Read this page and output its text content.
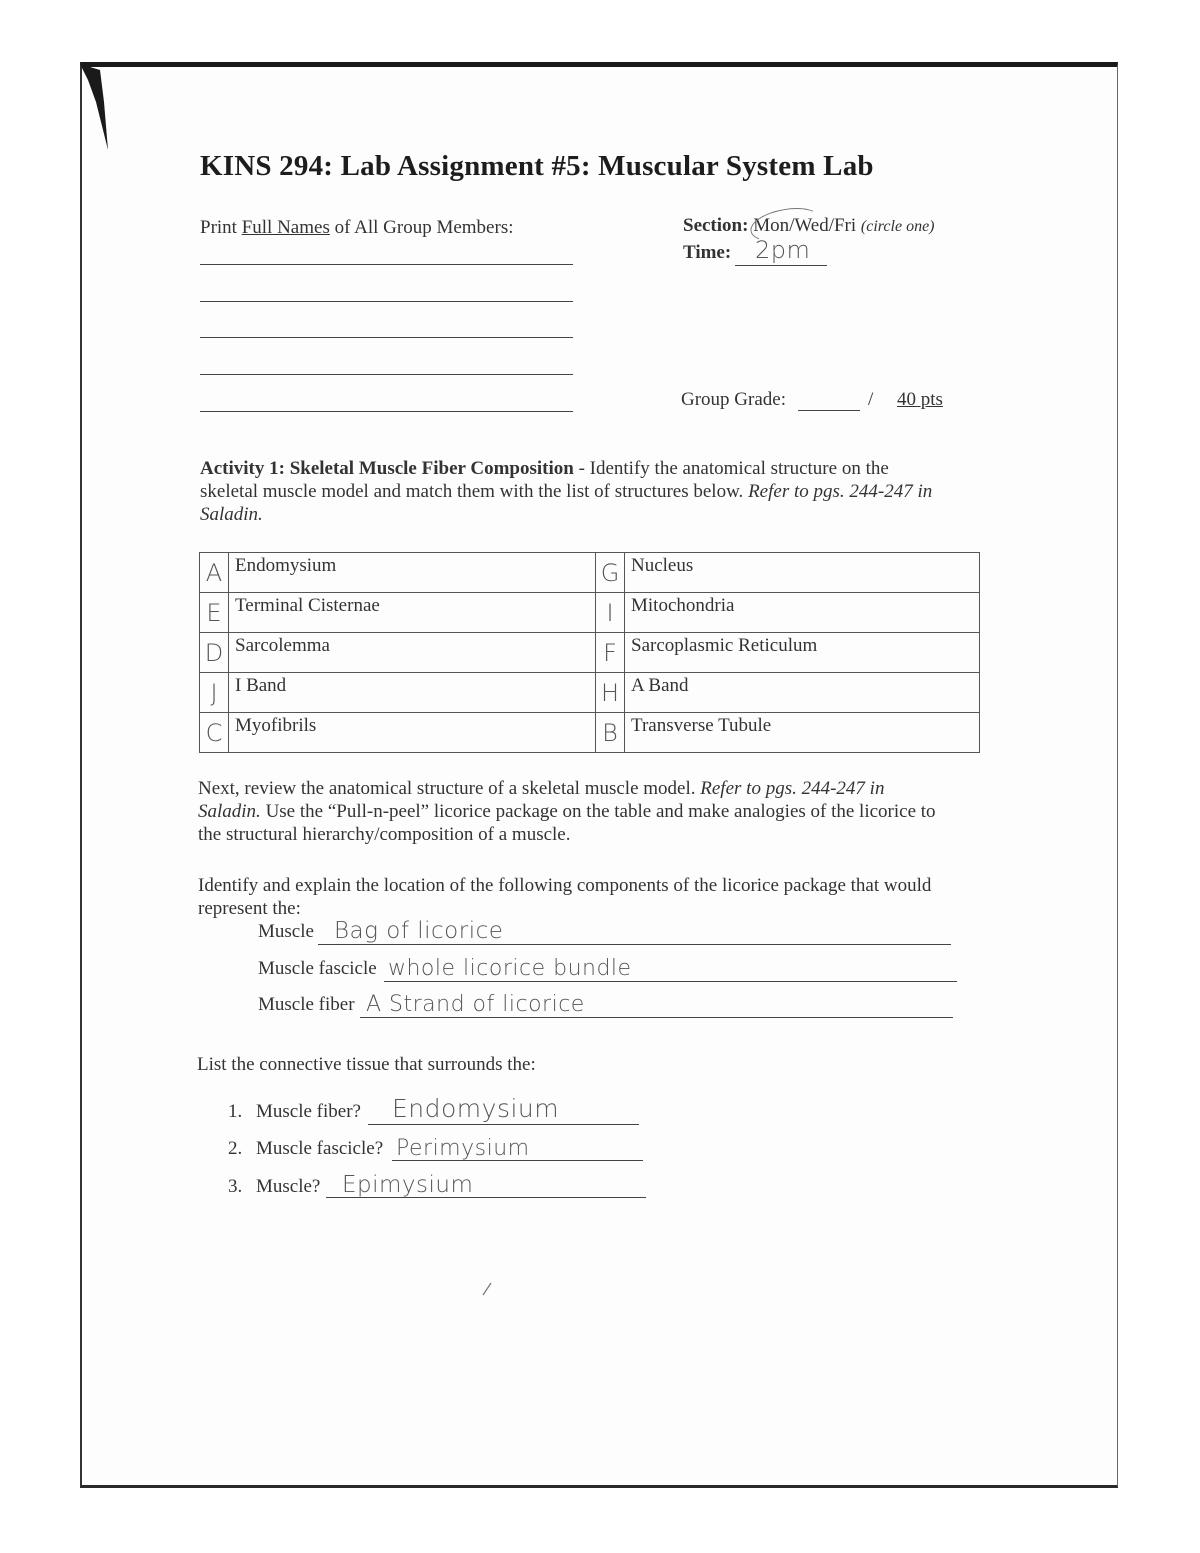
KINS 294: Lab Assignment #5: Muscular System Lab
Print Full Names of All Group Members:	Section: Mon/Wed/Fri (circle one)
Time: 2pm
Group Grade:	/ 40 pts
Activity 1: Skeletal Muscle Fiber Composition - Identify the anatomical structure on the
skeletal muscle model and match them with the list of structures below. Refer to pgs. 244-247 in
Saladin.
A	Endomysium	G	Nucleus
E	Terminal Cisternae	I	Mitochondria
D	Sarcolemma	F	Sarcoplasmic Reticulum
J	I Band	H	A Band
C	Myofibrils	B	Transverse Tubule
Next, review the anatomical structure of a skeletal muscle model. Refer to pgs. 244-247 in
Saladin. Use the “Pull-n-peel” licorice package on the table and make analogies of the licorice to
the structural hierarchy/composition of a muscle.
Identify and explain the location of the following components of the licorice package that would
represent the:
Muscle Bag of licorice
Muscle fascicle whole licorice bundle
Muscle fiber A Strand of licorice
List the connective tissue that surrounds the:
1. Muscle fiber? Endomysium
2. Muscle fascicle? Perimysium
3. Muscle? Epimysium
